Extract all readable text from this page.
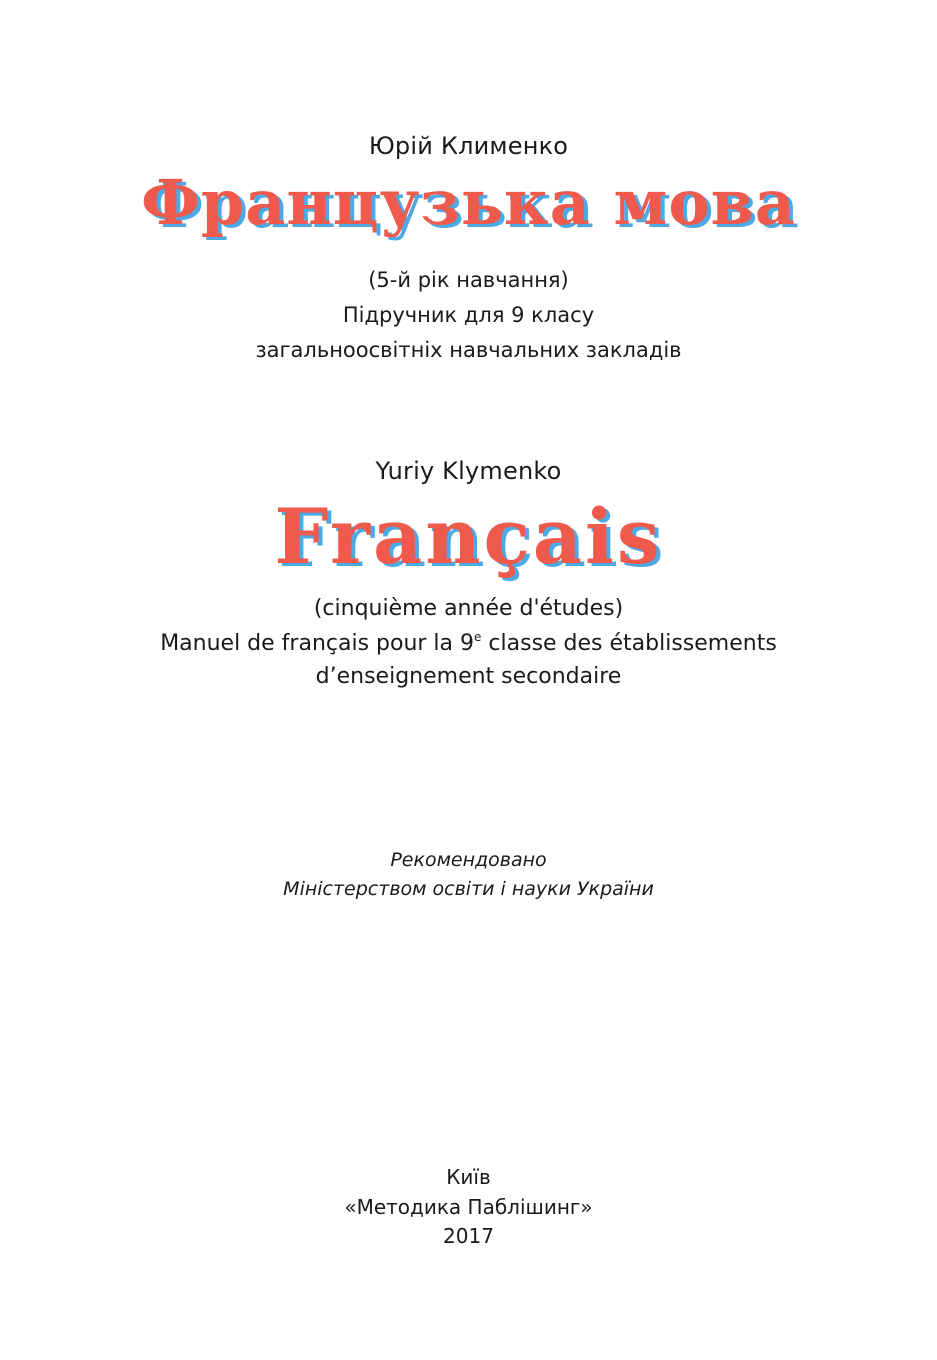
Юрій Клименко
Французька мова
(5-й рік навчання)
Підручник для 9 класу
загальноосвітніх навчальних закладів
Yuriy Klymenko
Français
(cinquième année d'études)
Manuel de français pour la 9e classe des établissements
d’enseignement secondaire
Рекомендовано
Міністерством освіти і науки України
Київ
«Методика Паблішинг»
2017
